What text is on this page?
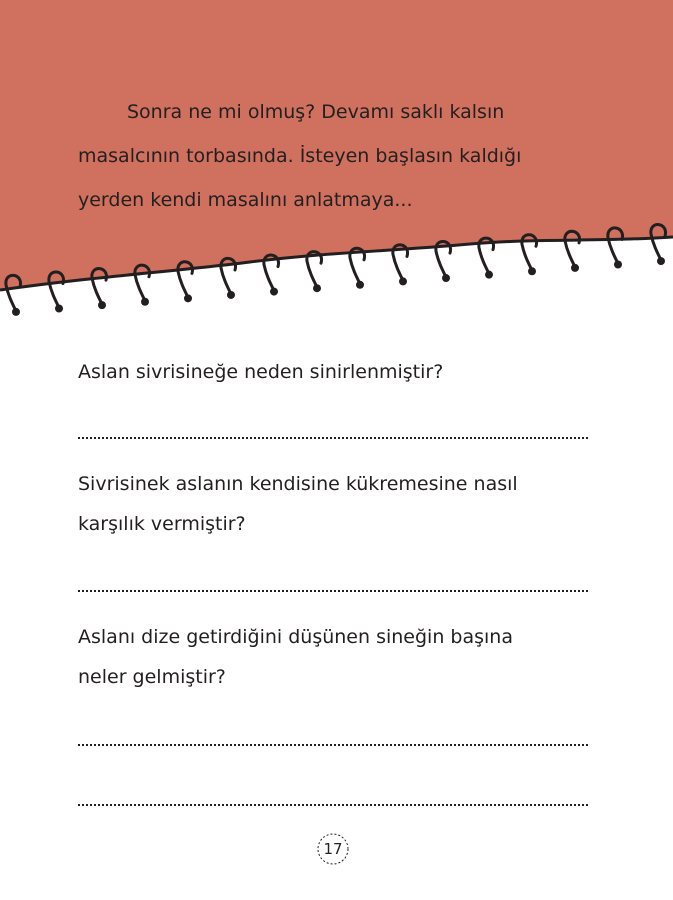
Sonra ne mi olmuş? Devamı saklı kalsın
masalcının torbasında. İsteyen başlasın kaldığı
yerden kendi masalını anlatmaya...
Aslan sivrisineğe neden sinirlenmiştir?
Sivrisinek aslanın kendisine kükremesine nasıl
karşılık vermiştir?
Aslanı dize getirdiğini düşünen sineğin başına
neler gelmiştir?
17
